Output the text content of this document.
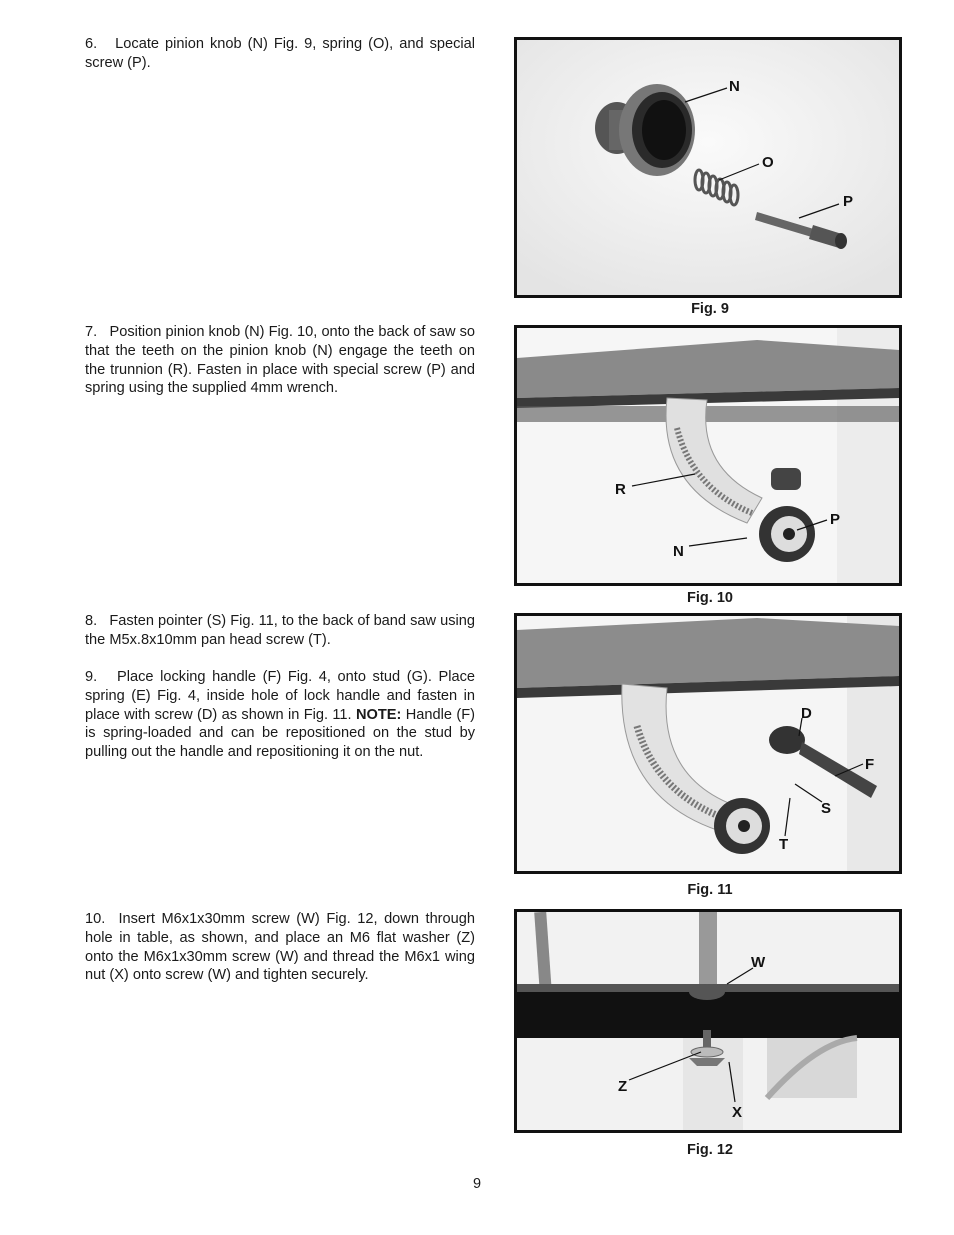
6. Locate pinion knob (N) Fig. 9, spring (O), and special screw (P).
7. Position pinion knob (N) Fig. 10, onto the back of saw so that the teeth on the pinion knob (N) engage the teeth on the trunnion (R). Fasten in place with special screw (P) and spring using the supplied 4mm wrench.
8. Fasten pointer (S) Fig. 11, to the back of band saw using the M5x.8x10mm pan head screw (T).
9. Place locking handle (F) Fig. 4, onto stud (G). Place spring (E) Fig. 4, inside hole of lock handle and fasten in place with screw (D) as shown in Fig. 11. NOTE: Handle (F) is spring-loaded and can be repositioned on the stud by pulling out the handle and repositioning it on the nut.
10. Insert M6x1x30mm screw (W) Fig. 12, down through hole in table, as shown, and place an M6 flat washer (Z) onto the M6x1x30mm screw (W) and thread the M6x1 wing nut (X) onto screw (W) and tighten securely.
N
O
P
Fig. 9
R
P
N
Fig. 10
D
F
S
T
Fig. 11
W
Z
X
Fig. 12
9
